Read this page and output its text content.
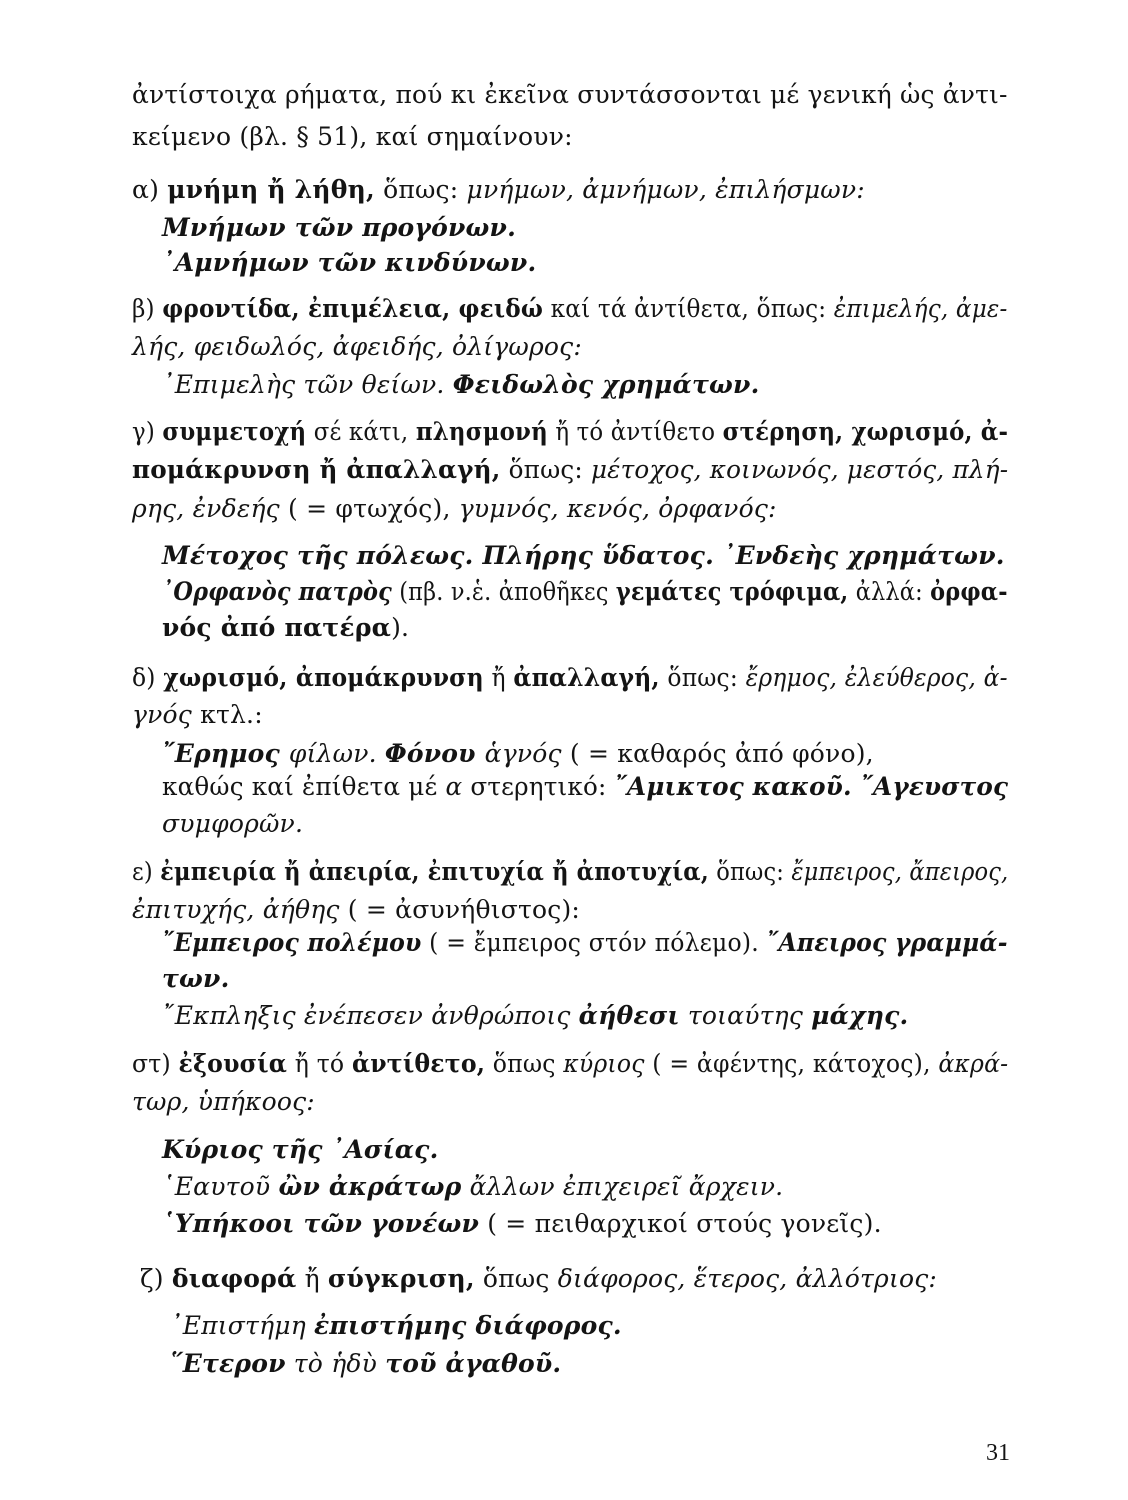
ἀντίστοιχα ρήματα, πού κι ἐκεῖνα συντάσσονται μέ γενική ὡς ἀντι-
κείμενο (βλ. § 51), καί σημαίνουν:
α) μνήμη ἤ λήθη, ὅπως: μνήμων, ἀμνήμων, ἐπιλήσμων:
Μνήμων τῶν προγόνων.
᾿Αμνήμων τῶν κινδύνων.
β) φροντίδα, ἐπιμέλεια, φειδώ καί τά ἀντίθετα, ὅπως: ἐπιμελής, ἀμε-
λής, φειδωλός, ἀφειδής, ὀλίγωρος:
᾿Επιμελὴς τῶν θείων. Φειδωλὸς χρημάτων.
γ) συμμετοχή σέ κάτι, πλησμονή ἤ τό ἀντίθετο στέρηση, χωρισμό, ἀ-
πομάκρυνση ἤ ἀπαλλαγή, ὅπως: μέτοχος, κοινωνός, μεστός, πλή-
ρης, ἐνδεής ( = φτωχός), γυμνός, κενός, ὀρφανός:
Μέτοχος τῆς πόλεως. Πλήρης ὕδατος. ᾿Ενδεὴς χρημάτων.
᾿Ορφανὸς πατρὸς (πβ. ν.ἑ. ἀποθῆκες γεμάτες τρόφιμα, ἀλλά: ὀρφα-
νός ἀπό πατέρα).
δ) χωρισμό, ἀπομάκρυνση ἤ ἀπαλλαγή, ὅπως: ἔρημος, ἐλεύθερος, ἁ-
γνός κτλ.:
῎Ερημος φίλων. Φόνου ἁγνός ( = καθαρός ἀπό φόνο),
καθώς καί ἐπίθετα μέ α στερητικό: ῎Αμικτος κακοῦ. ῎Αγευστος
συμφορῶν.
ε) ἐμπειρία ἤ ἀπειρία, ἐπιτυχία ἤ ἀποτυχία, ὅπως: ἔμπειρος, ἄπειρος,
ἐπιτυχής, ἀήθης ( = ἀσυνήθιστος):
῎Εμπειρος πολέμου ( = ἔμπειρος στόν πόλεμο). ῎Απειρος γραμμά-
των.
῎Εκπληξις ἐνέπεσεν ἀνθρώποις ἀήθεσι τοιαύτης μάχης.
στ) ἐξουσία ἤ τό ἀντίθετο, ὅπως κύριος ( = ἀφέντης, κάτοχος), ἀκρά-
τωρ, ὑπήκοος:
Κύριος τῆς ᾿Ασίας.
῾Εαυτοῦ ὢν ἀκράτωρ ἄλλων ἐπιχειρεῖ ἄρχειν.
῾Υπήκοοι τῶν γονέων ( = πειθαρχικοί στούς γονεῖς).
ζ) διαφορά ἤ σύγκριση, ὅπως διάφορος, ἕτερος, ἀλλότριος:
᾿Επιστήμη ἐπιστήμης διάφορος.
῞Ετερον τὸ ἡδὺ τοῦ ἀγαθοῦ.
31
